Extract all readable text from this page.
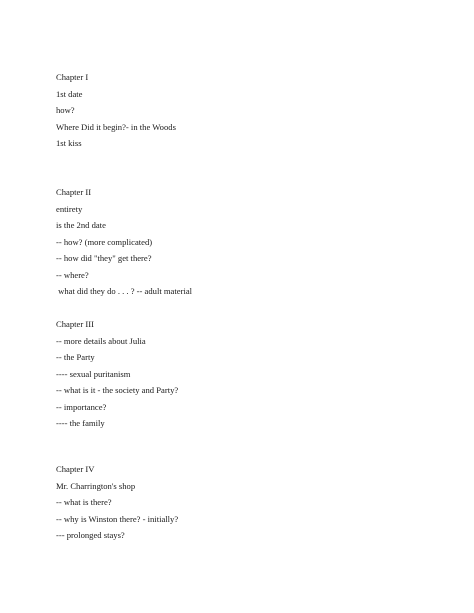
Chapter I
1st date
how?
Where Did it begin?- in the Woods
1st kiss
Chapter II
entirety
is the 2nd date
-- how? (more complicated)
-- how did "they" get there?
-- where?
what did they do . . . ? -- adult material
Chapter III
-- more details about Julia
-- the Party
---- sexual puritanism
-- what is it - the society and Party?
-- importance?
---- the family
Chapter IV
Mr. Charrington's shop
-- what is there?
-- why is Winston there? - initially?
--- prolonged stays?
